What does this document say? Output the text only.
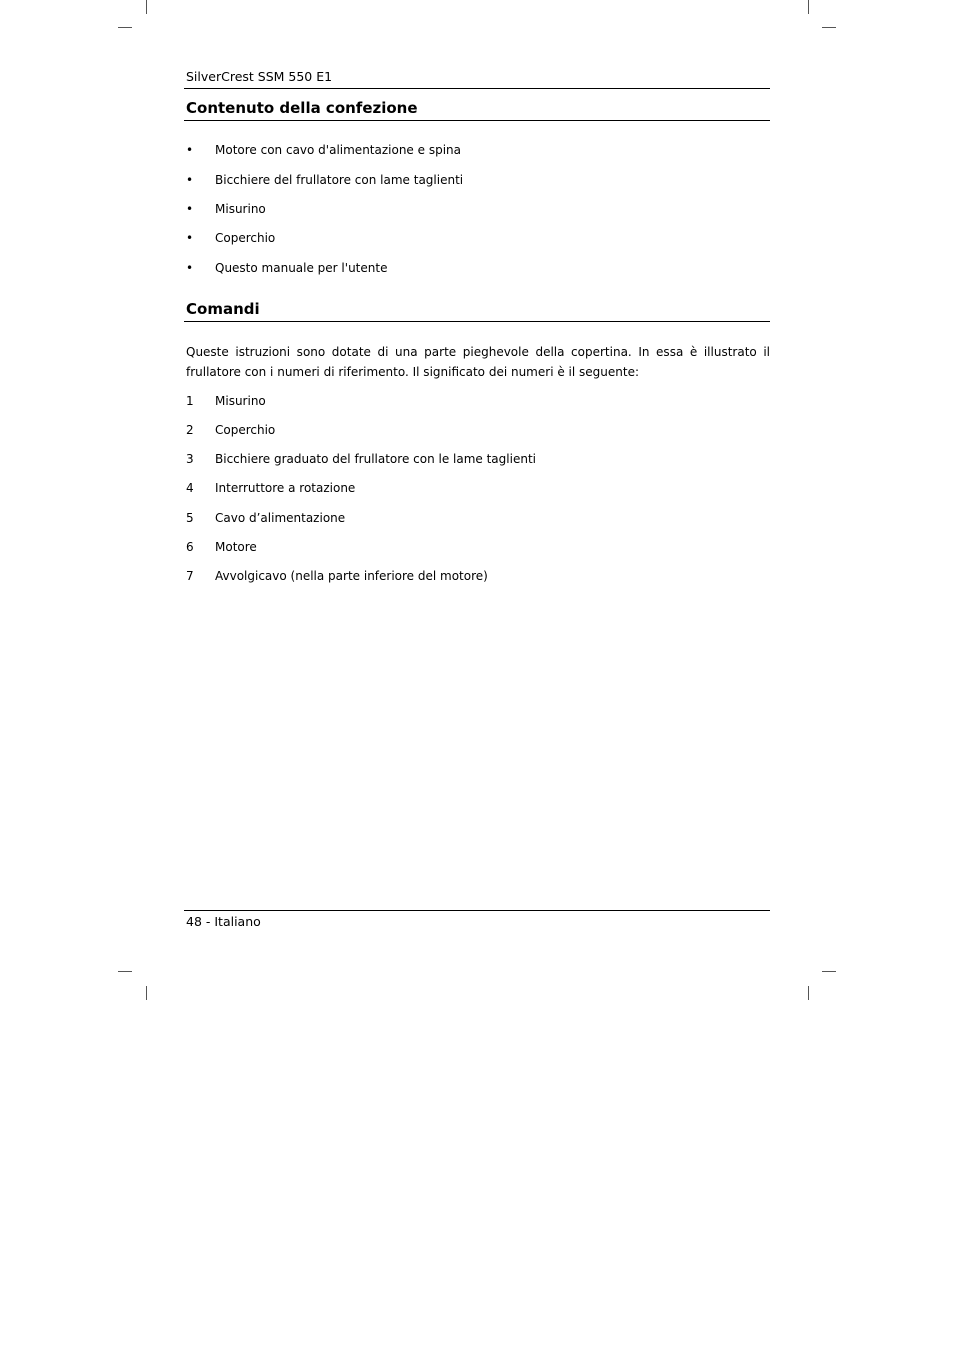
SilverCrest SSM 550 E1
Contenuto della confezione
• Motore con cavo d'alimentazione e spina
• Bicchiere del frullatore con lame taglienti
• Misurino
• Coperchio
• Questo manuale per l'utente
Comandi

Queste istruzioni sono dotate di una parte pieghevole della copertina. In essa è illustrato il frullatore con i numeri di riferimento. Il significato dei numeri è il seguente:

1	Misurino
2	Coperchio
3	Bicchiere graduato del frullatore con le lame taglienti
4	Interruttore a rotazione
5	Cavo d’alimentazione
6	Motore
7	Avvolgicavo (nella parte inferiore del motore)
48 - Italiano
